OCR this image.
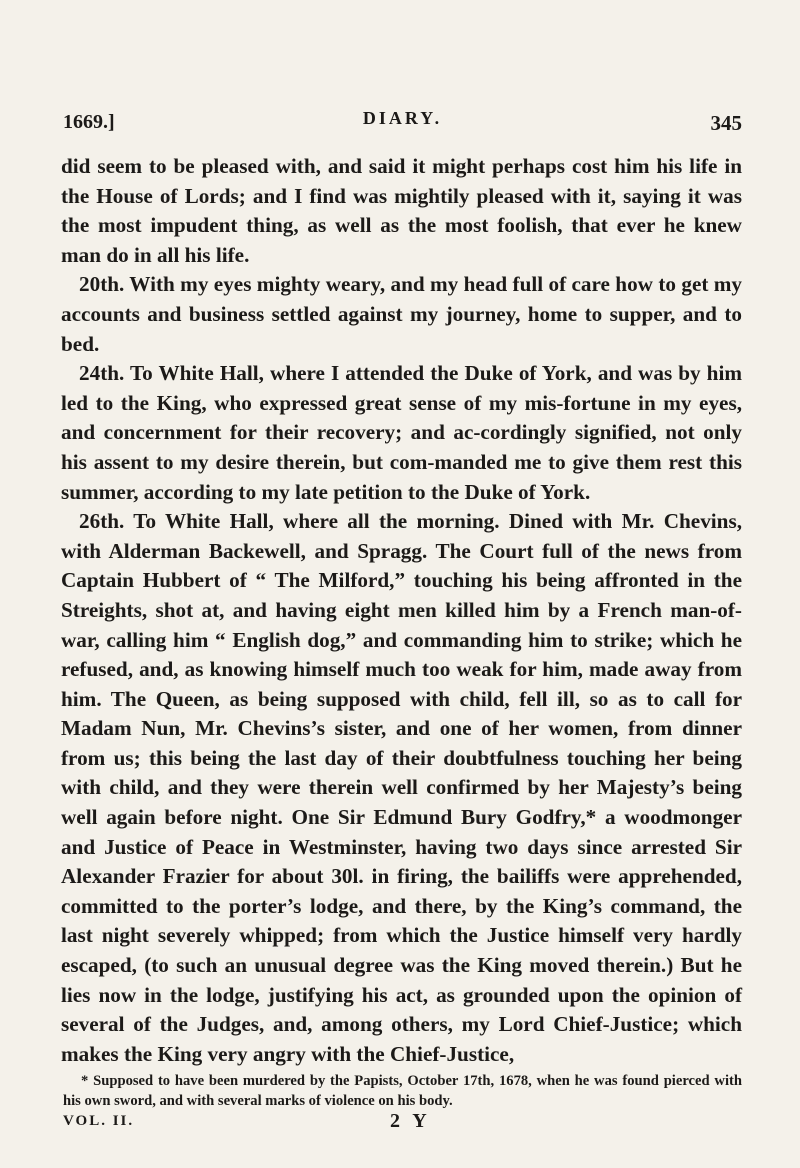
1669.]	DIARY.	345

did seem to be pleased with, and said it might perhaps cost him his life in the House of Lords; and I find was mightily pleased with it, saying it was the most impudent thing, as well as the most foolish, that ever he knew man do in all his life.

20th. With my eyes mighty weary, and my head full of care how to get my accounts and business settled against my journey, home to supper, and to bed.

24th. To White Hall, where I attended the Duke of York, and was by him led to the King, who expressed great sense of my mis-fortune in my eyes, and concernment for their recovery; and ac-cordingly signified, not only his assent to my desire therein, but com-manded me to give them rest this summer, according to my late petition to the Duke of York.

26th. To White Hall, where all the morning. Dined with Mr. Chevins, with Alderman Backewell, and Spragg. The Court full of the news from Captain Hubbert of “ The Milford,” touching his being affronted in the Streights, shot at, and having eight men killed him by a French man-of-war, calling him “ English dog,” and commanding him to strike; which he refused, and, as knowing himself much too weak for him, made away from him. The Queen, as being supposed with child, fell ill, so as to call for Madam Nun, Mr. Chevins’s sister, and one of her women, from dinner from us; this being the last day of their doubtfulness touching her being with child, and they were therein well confirmed by her Majesty’s being well again before night. One Sir Edmund Bury Godfry,* a woodmonger and Justice of Peace in Westminster, having two days since arrested Sir Alexander Frazier for about 30l. in firing, the bailiffs were apprehended, committed to the porter’s lodge, and there, by the King’s command, the last night severely whipped; from which the Justice himself very hardly escaped, (to such an unusual degree was the King moved therein.) But he lies now in the lodge, justifying his act, as grounded upon the opinion of several of the Judges, and, among others, my Lord Chief-Justice; which makes the King very angry with the Chief-Justice,

* Supposed to have been murdered by the Papists, October 17th, 1678, when he was found pierced with his own sword, and with several marks of violence on his body.

VOL. II.	2 Y
